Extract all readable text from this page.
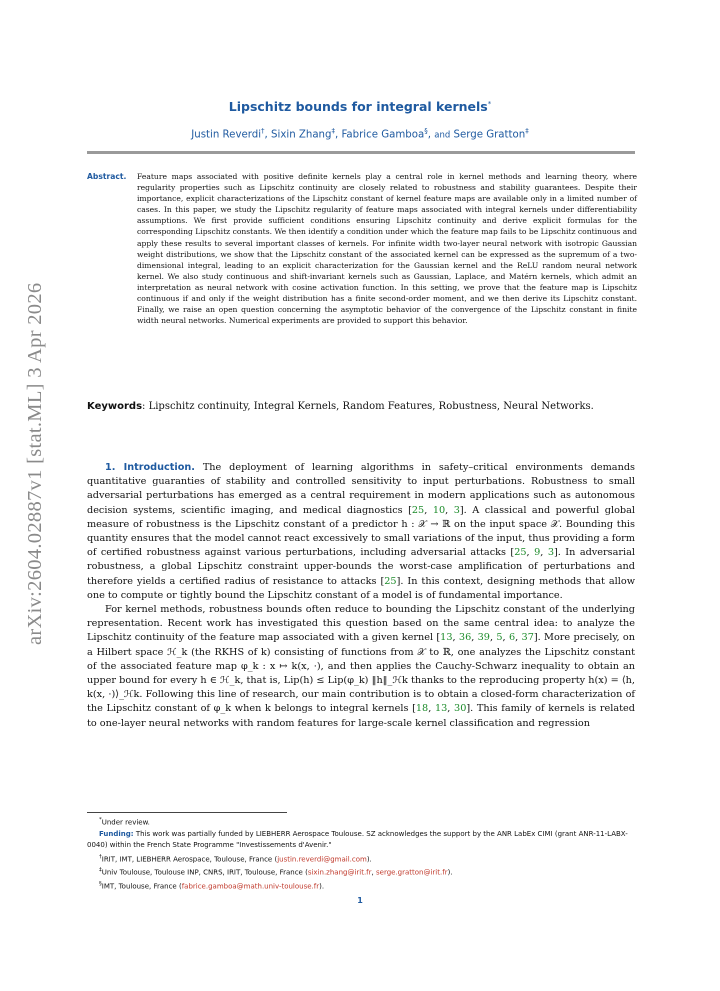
arXiv:2604.02887v1 [stat.ML] 3 Apr 2026
Lipschitz bounds for integral kernels*
Justin Reverdi†, Sixin Zhang‡, Fabrice Gamboa§, and Serge Gratton‡
Abstract.	Feature maps associated with positive definite kernels play a central role in kernel methods and learning theory, where regularity properties such as Lipschitz continuity are closely related to robustness and stability guarantees. Despite their importance, explicit characterizations of the Lipschitz constant of kernel feature maps are available only in a limited number of cases. In this paper, we study the Lipschitz regularity of feature maps associated with integral kernels under differentiability assumptions. We first provide sufficient conditions ensuring Lipschitz continuity and derive explicit formulas for the corresponding Lipschitz constants. We then identify a condition under which the feature map fails to be Lipschitz continuous and apply these results to several important classes of kernels. For infinite width two-layer neural network with isotropic Gaussian weight distributions, we show that the Lipschitz constant of the associated kernel can be expressed as the supremum of a two-dimensional integral, leading to an explicit characterization for the Gaussian kernel and the ReLU random neural network kernel. We also study continuous and shift-invariant kernels such as Gaussian, Laplace, and Matérn kernels, which admit an interpretation as neural network with cosine activation function. In this setting, we prove that the feature map is Lipschitz continuous if and only if the weight distribution has a finite second-order moment, and we then derive its Lipschitz constant. Finally, we raise an open question concerning the asymptotic behavior of the convergence of the Lipschitz constant in finite width neural networks. Numerical experiments are provided to support this behavior.
Keywords: Lipschitz continuity, Integral Kernels, Random Features, Robustness, Neural Networks.

1. Introduction. The deployment of learning algorithms in safety–critical environments demands quantitative guaranties of stability and controlled sensitivity to input perturbations. Robustness to small adversarial perturbations has emerged as a central requirement in modern applications such as autonomous decision systems, scientific imaging, and medical diagnostics [25, 10, 3]. A classical and powerful global measure of robustness is the Lipschitz constant of a predictor h : 𝒳 → ℝ on the input space 𝒳. Bounding this quantity ensures that the model cannot react excessively to small variations of the input, thus providing a form of certified robustness against various perturbations, including adversarial attacks [25, 9, 3]. In adversarial robustness, a global Lipschitz constraint upper-bounds the worst-case amplification of perturbations and therefore yields a certified radius of resistance to attacks [25]. In this context, designing methods that allow one to compute or tightly bound the Lipschitz constant of a model is of fundamental importance.

For kernel methods, robustness bounds often reduce to bounding the Lipschitz constant of the underlying representation. Recent work has investigated this question based on the same central idea: to analyze the Lipschitz continuity of the feature map associated with a given kernel [13, 36, 39, 5, 6, 37]. More precisely, on a Hilbert space ℋ_k (the RKHS of k) consisting of functions from 𝒳 to ℝ, one analyzes the Lipschitz constant of the associated feature map φ_k : x ↦ k(x, ·), and then applies the Cauchy-Schwarz inequality to obtain an upper bound for every h ∈ ℋ_k, that is, Lip(h) ≤ Lip(φ_k) ‖h‖_ℋk thanks to the reproducing property h(x) = ⟨h, k(x, ·)⟩_ℋk. Following this line of research, our main contribution is to obtain a closed-form characterization of the Lipschitz constant of φ_k when k belongs to integral kernels [18, 13, 30]. This family of kernels is related to one-layer neural networks with random features for large-scale kernel classification and regression

*Under review.

Funding: This work was partially funded by LIEBHERR Aerospace Toulouse. SZ acknowledges the support by the ANR LabEx CIMI (grant ANR-11-LABX-0040) within the French State Programme "Investissements d'Avenir."

†IRIT, IMT, LIEBHERR Aerospace, Toulouse, France (justin.reverdi@gmail.com).

‡Univ Toulouse, Toulouse INP, CNRS, IRIT, Toulouse, France (sixin.zhang@irit.fr, serge.gratton@irit.fr).

§IMT, Toulouse, France (fabrice.gamboa@math.univ-toulouse.fr).

1
